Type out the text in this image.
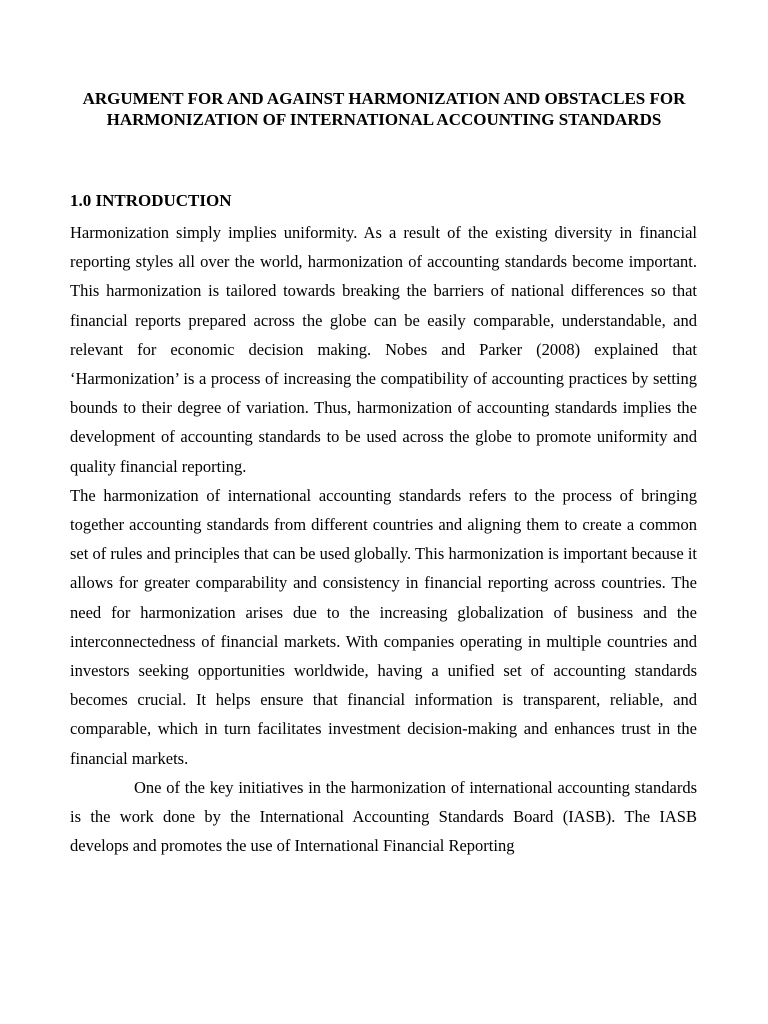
ARGUMENT FOR AND AGAINST HARMONIZATION AND OBSTACLES FOR HARMONIZATION OF INTERNATIONAL ACCOUNTING STANDARDS
1.0 INTRODUCTION

Harmonization simply implies uniformity. As a result of the existing diversity in financial reporting styles all over the world, harmonization of accounting standards become important. This harmonization is tailored towards breaking the barriers of national differences so that financial reports prepared across the globe can be easily comparable, understandable, and relevant for economic decision making. Nobes and Parker (2008) explained that ‘Harmonization’ is a process of increasing the compatibility of accounting practices by setting bounds to their degree of variation. Thus, harmonization of accounting standards implies the development of accounting standards to be used across the globe to promote uniformity and quality financial reporting.

The harmonization of international accounting standards refers to the process of bringing together accounting standards from different countries and aligning them to create a common set of rules and principles that can be used globally. This harmonization is important because it allows for greater comparability and consistency in financial reporting across countries. The need for harmonization arises due to the increasing globalization of business and the interconnectedness of financial markets. With companies operating in multiple countries and investors seeking opportunities worldwide, having a unified set of accounting standards becomes crucial. It helps ensure that financial information is transparent, reliable, and comparable, which in turn facilitates investment decision-making and enhances trust in the financial markets.

One of the key initiatives in the harmonization of international accounting standards is the work done by the International Accounting Standards Board (IASB). The IASB develops and promotes the use of International Financial Reporting
